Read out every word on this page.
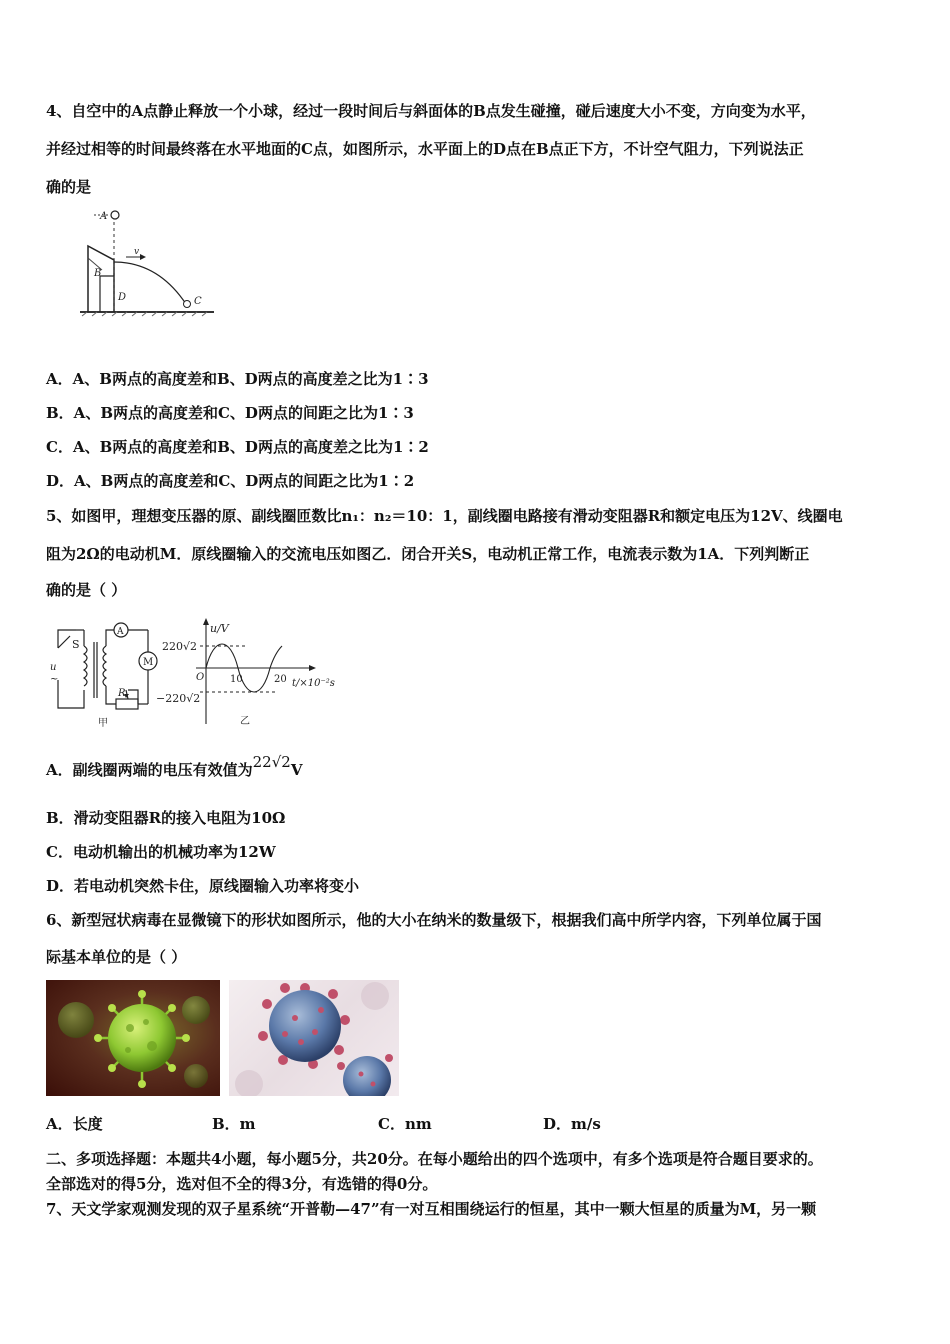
4、自空中的A点静止释放一个小球，经过一段时间后与斜面体的B点发生碰撞，碰后速度大小不变，方向变为水平，
并经过相等的时间最终落在水平地面的C点，如图所示，水平面上的D点在B点正下方，不计空气阻力，下列说法正
确的是
A
B
D	C
v
A．A、B两点的高度差和B、D两点的高度差之比为1∶3
B．A、B两点的高度差和C、D两点的间距之比为1∶3
C．A、B两点的高度差和B、D两点的高度差之比为1∶2
D．A、B两点的高度差和C、D两点的间距之比为1∶2
5、如图甲，理想变压器的原、副线圈匝数比n₁：n₂＝10：1，副线圈电路接有滑动变阻器R和额定电压为12V、线圈电
阻为2Ω的电动机M．原线圈输入的交流电压如图乙．闭合开关S，电动机正常工作，电流表示数为1A．下列判断正
确的是（ ）
u
~
S
A
M
R
甲
u/V
220√2
−220√2
O	10	20 t/×10⁻²s
乙
A．副线圈两端的电压有效值为22√2V
B．滑动变阻器R的接入电阻为10Ω
C．电动机输出的机械功率为12W
D．若电动机突然卡住，原线圈输入功率将变小
6、新型冠状病毒在显微镜下的形状如图所示，他的大小在纳米的数量级下，根据我们高中所学内容，下列单位属于国
际基本单位的是（ ）
A．长度	B．m	C．nm	D．m/s
二、多项选择题：本题共4小题，每小题5分，共20分。在每小题给出的四个选项中，有多个选项是符合题目要求的。
全部选对的得5分，选对但不全的得3分，有选错的得0分。
7、天文学家观测发现的双子星系统“开普勒—47”有一对互相围绕运行的恒星，其中一颗大恒星的质量为M，另一颗
